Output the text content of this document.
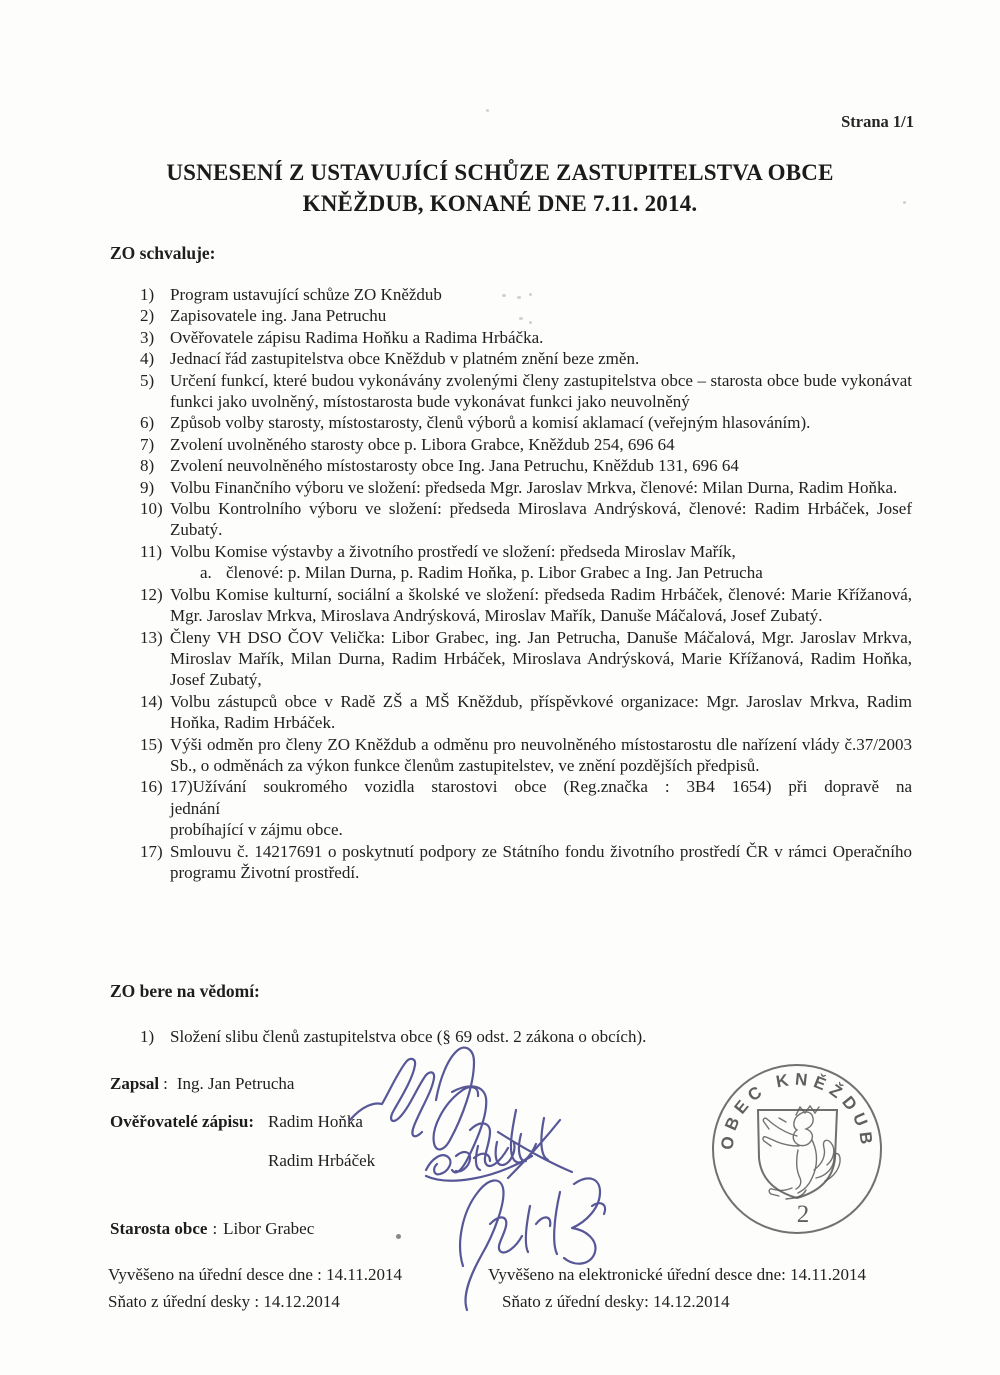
Strana 1/1
USNESENÍ Z USTAVUJÍCÍ SCHŮZE ZASTUPITELSTVA OBCE
KNĚŽDUB, KONANÉ DNE 7.11. 2014.
ZO schvaluje:
1) Program ustavující schůze ZO Kněždub
2) Zapisovatele ing. Jana Petruchu
3) Ověřovatele zápisu Radima Hoňku a Radima Hrbáčka.
4) Jednací řád zastupitelstva obce Kněždub v platném znění beze změn.
5) Určení funkcí, které budou vykonávány zvolenými členy zastupitelstva obce – starosta obce bude vykonávat funkci jako uvolněný, místostarosta bude vykonávat funkci jako neuvolněný
6) Způsob volby starosty, místostarosty, členů výborů a komisí aklamací (veřejným hlasováním).
7) Zvolení uvolněného starosty obce p. Libora Grabce, Kněždub 254, 696 64
8) Zvolení neuvolněného místostarosty obce Ing. Jana Petruchu, Kněždub 131, 696 64
9) Volbu Finančního výboru ve složení: předseda Mgr. Jaroslav Mrkva, členové: Milan Durna, Radim Hoňka.
10) Volbu Kontrolního výboru ve složení: předseda Miroslava Andrýsková, členové: Radim Hrbáček, Josef Zubatý.
11) Volbu Komise výstavby a životního prostředí ve složení: předseda Miroslav Mařík,
a. členové: p. Milan Durna, p. Radim Hoňka, p. Libor Grabec a Ing. Jan Petrucha
12) Volbu Komise kulturní, sociální a školské ve složení: předseda Radim Hrbáček, členové: Marie Křížanová, Mgr. Jaroslav Mrkva, Miroslava Andrýsková, Miroslav Mařík, Danuše Máčalová, Josef Zubatý.
13) Členy VH DSO ČOV Velička: Libor Grabec, ing. Jan Petrucha, Danuše Máčalová, Mgr. Jaroslav Mrkva, Miroslav Mařík, Milan Durna, Radim Hrbáček, Miroslava Andrýsková, Marie Křížanová, Radim Hoňka, Josef Zubatý,
14) Volbu zástupců obce v Radě ZŠ a MŠ Kněždub, příspěvkové organizace: Mgr. Jaroslav Mrkva, Radim Hoňka, Radim Hrbáček.
15) Výši odměn pro členy ZO Kněždub a odměnu pro neuvolněného místostarostu dle nařízení vlády č.37/2003 Sb., o odměnách za výkon funkce členům zastupitelstev, ve znění pozdějších předpisů.
16) 17)Užívání soukromého vozidla starostovi obce (Reg.značka : 3B4 1654) při dopravě na
jednání
probíhající v zájmu obce.
17) Smlouvu č. 14217691 o poskytnutí podpory ze Státního fondu životního prostředí ČR v rámci Operačního programu Životní prostředí.
ZO bere na vědomí:
1) Složení slibu členů zastupitelstva obce (§ 69 odst. 2 zákona o obcích).
Zapsal : Ing. Jan Petrucha
Ověřovatelé zápisu: Radim Hoňka
Radim Hrbáček
Starosta obce : Libor Grabec
Vyvěšeno na úřední desce dne : 14.11.2014
Sňato z úřední desky : 14.12.2014
Vyvěšeno na elektronické úřední desce dne: 14.11.2014
Sňato z úřední desky: 14.12.2014
OBEC KNĚŽDUB
2
